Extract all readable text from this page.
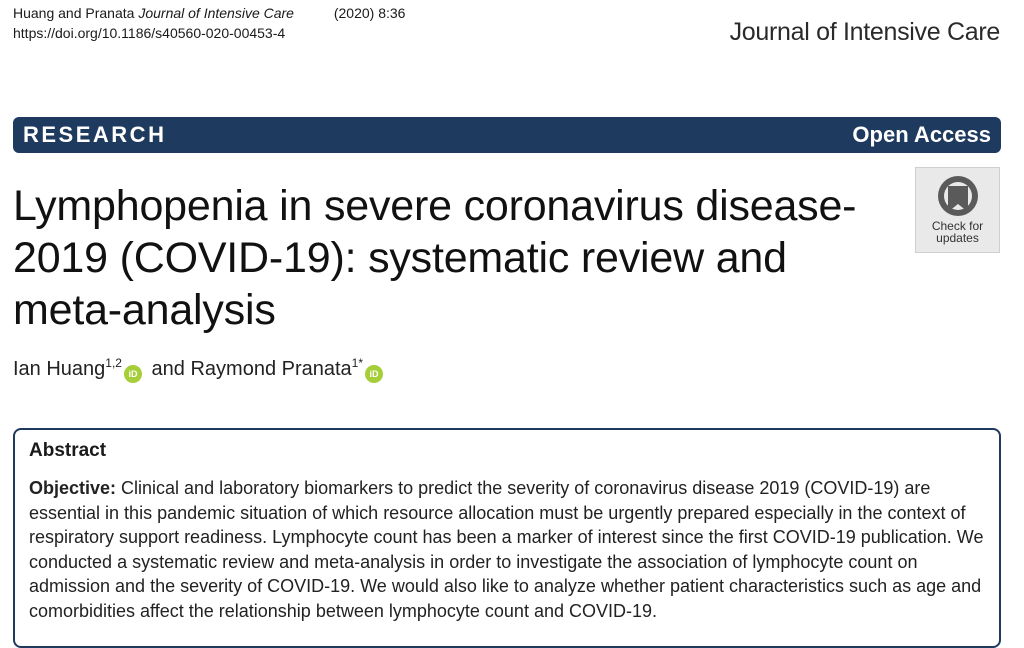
Huang and Pranata Journal of Intensive Care	(2020) 8:36
https://doi.org/10.1186/s40560-020-00453-4	Journal of Intensive Care
RESEARCH	Open Access
Lymphopenia in severe coronavirus disease-2019 (COVID-19): systematic review and meta-analysis
Check for
updates
Ian Huang$^{1,2}$iD and Raymond Pranata$^{1*}$iD
Abstract
Objective: Clinical and laboratory biomarkers to predict the severity of coronavirus disease 2019 (COVID-19) are essential in this pandemic situation of which resource allocation must be urgently prepared especially in the context of respiratory support readiness. Lymphocyte count has been a marker of interest since the first COVID-19 publication. We conducted a systematic review and meta-analysis in order to investigate the association of lymphocyte count on admission and the severity of COVID-19. We would also like to analyze whether patient characteristics such as age and comorbidities affect the relationship between lymphocyte count and COVID-19.
